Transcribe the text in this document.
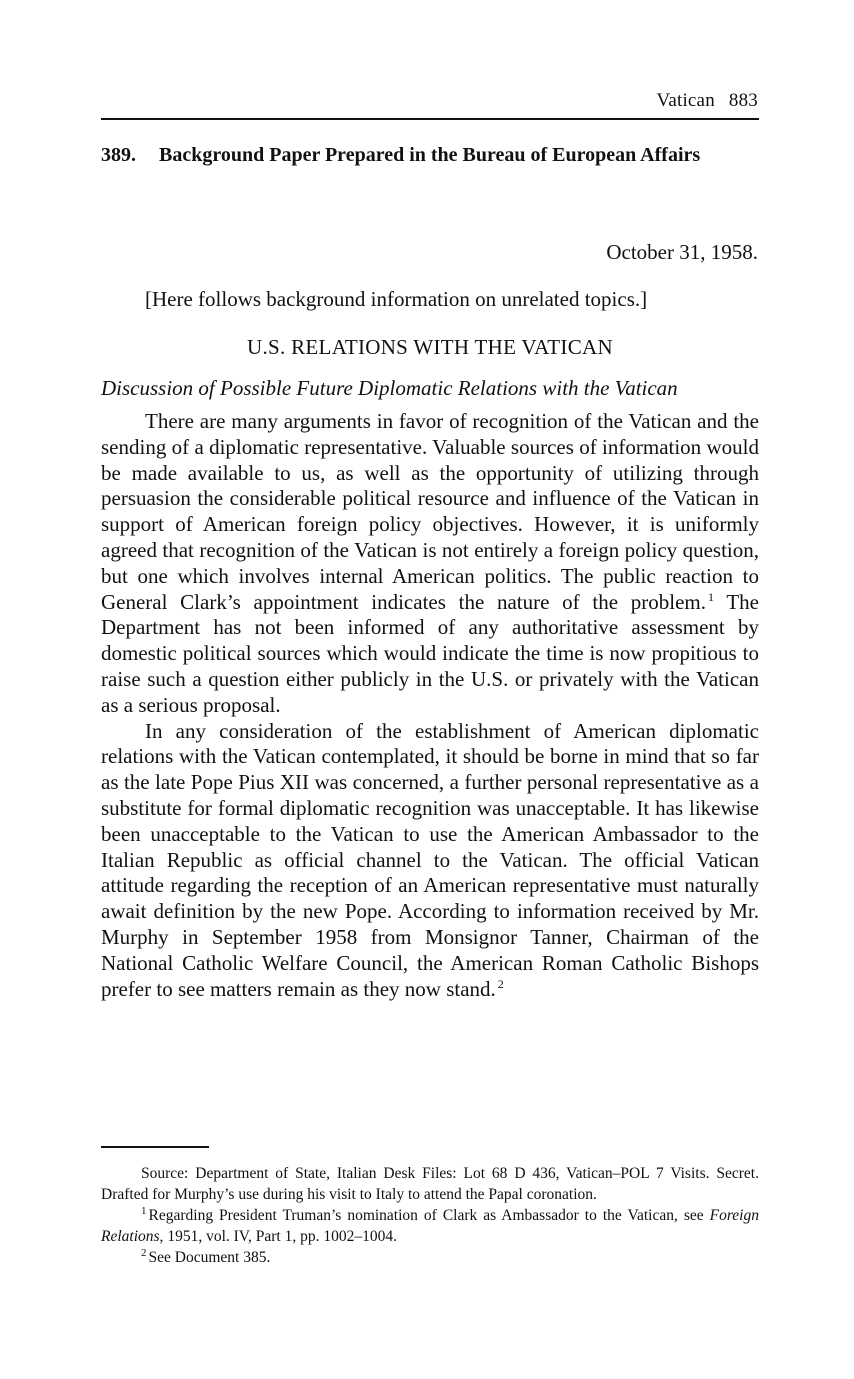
Vatican 883
389.	Background Paper Prepared in the Bureau of European Affairs
October 31, 1958.
[Here follows background information on unrelated topics.]
U.S. RELATIONS WITH THE VATICAN
Discussion of Possible Future Diplomatic Relations with the Vatican

There are many arguments in favor of recognition of the Vatican and the sending of a diplomatic representative. Valuable sources of information would be made available to us, as well as the opportunity of utilizing through persuasion the considerable political resource and influence of the Vatican in support of American foreign policy objectives. However, it is uniformly agreed that recognition of the Vatican is not entirely a foreign policy question, but one which involves internal American politics. The public reaction to General Clark’s appointment indicates the nature of the problem. $^1$ The Department has not been informed of any authoritative assessment by domestic political sources which would indicate the time is now propitious to raise such a question either publicly in the U.S. or privately with the Vatican as a serious proposal.

In any consideration of the establishment of American diplomatic relations with the Vatican contemplated, it should be borne in mind that so far as the late Pope Pius XII was concerned, a further personal representative as a substitute for formal diplomatic recognition was unacceptable. It has likewise been unacceptable to the Vatican to use the American Ambassador to the Italian Republic as official channel to the Vatican. The official Vatican attitude regarding the reception of an American representative must naturally await definition by the new Pope. According to information received by Mr. Murphy in September 1958 from Monsignor Tanner, Chairman of the National Catholic Welfare Council, the American Roman Catholic Bishops prefer to see matters remain as they now stand. $^2$

Source: Department of State, Italian Desk Files: Lot 68 D 436, Vatican–POL 7 Visits. Secret. Drafted for Murphy’s use during his visit to Italy to attend the Papal coronation.

$^1$ Regarding President Truman’s nomination of Clark as Ambassador to the Vatican, see Foreign Relations, 1951, vol. IV, Part 1, pp. 1002–1004.

$^2$ See Document 385.
